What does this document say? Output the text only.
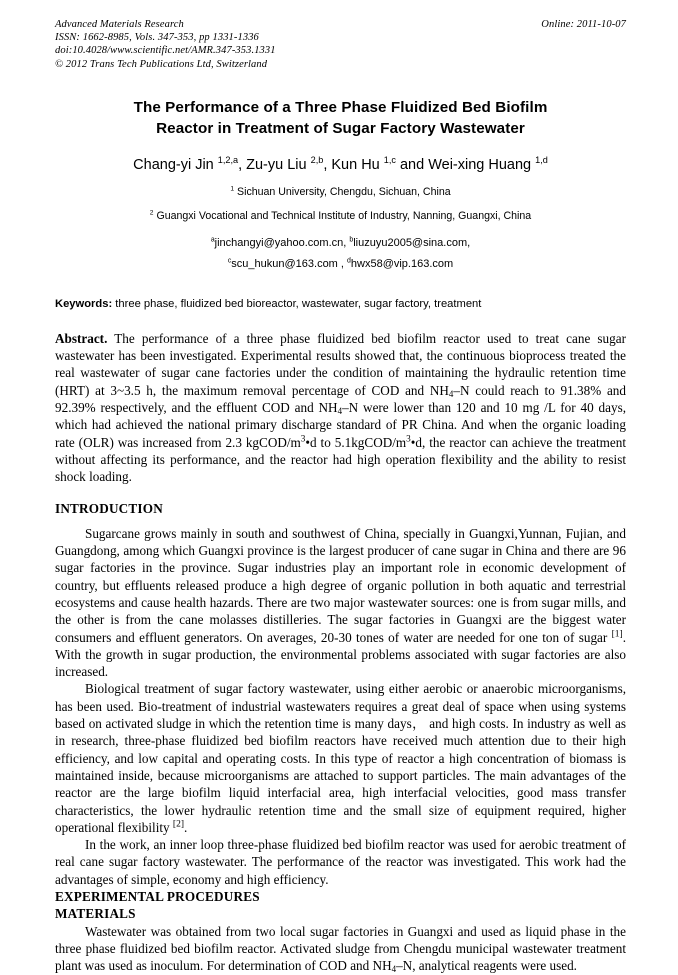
Advanced Materials Research
ISSN: 1662-8985, Vols. 347-353, pp 1331-1336
doi:10.4028/www.scientific.net/AMR.347-353.1331
© 2012 Trans Tech Publications Ltd, Switzerland
Online: 2011-10-07
The Performance of a Three Phase Fluidized Bed Biofilm Reactor in Treatment of Sugar Factory Wastewater
Chang-yi Jin $^{1,2,a}$, Zu-yu Liu $^{2,b}$, Kun Hu $^{1,c}$ and Wei-xing Huang $^{1,d}$
$^1$ Sichuan University, Chengdu, Sichuan, China
$^2$ Guangxi Vocational and Technical Institute of Industry, Nanning, Guangxi, China
$^a$jinchangyi@yahoo.com.cn, $^b$liuzuyu2005@sina.com,
$^c$scu_hukun@163.com , $^d$hwx58@vip.163.com
Keywords: three phase, fluidized bed bioreactor, wastewater, sugar factory, treatment
Abstract. The performance of a three phase fluidized bed biofilm reactor used to treat cane sugar wastewater has been investigated. Experimental results showed that, the continuous bioprocess treated the real wastewater of sugar cane factories under the condition of maintaining the hydraulic retention time (HRT) at 3~3.5 h, the maximum removal percentage of COD and $NH_4-N$ could reach to 91.38% and 92.39% respectively, and the effluent COD and $NH_4-N$ were lower than 120 and 10 mg /L for 40 days, which had achieved the national primary discharge standard of PR China. And when the organic loading rate (OLR) was increased from 2.3 kgCOD/$m^3•d$ to $5.1kgCOD/m^3•d$, the reactor can achieve the treatment without affecting its performance, and the reactor had high operation flexibility and the ability to resist shock loading.
INTRODUCTION

Sugarcane grows mainly in south and southwest of China, specially in Guangxi,Yunnan, Fujian, and Guangdong, among which Guangxi province is the largest producer of cane sugar in China and there are 96 sugar factories in the province. Sugar industries play an important role in economic development of country, but effluents released produce a high degree of organic pollution in both aquatic and terrestrial ecosystems and cause health hazards. There are two major wastewater sources: one is from sugar mills, and the other is from the cane molasses distilleries. The sugar factories in Guangxi are the biggest water consumers and effluent generators. On averages, 20-30 tones of water are needed for one ton of sugar [1]. With the growth in sugar production, the environmental problems associated with sugar factories are also increased.

Biological treatment of sugar factory wastewater, using either aerobic or anaerobic microorganisms, has been used. Bio-treatment of industrial wastewaters requires a great deal of space when using systems based on activated sludge in which the retention time is many days， and high costs. In industry as well as in research, three-phase fluidized bed biofilm reactors have received much attention due to their high efficiency, and low capital and operating costs. In this type of reactor a high concentration of biomass is maintained inside, because microorganisms are attached to support particles. The main advantages of the reactor are the large biofilm liquid interfacial area, high interfacial velocities, good mass transfer characteristics, the lower hydraulic retention time and the small size of equipment required, higher operational flexibility [2].

In the work, an inner loop three-phase fluidized bed biofilm reactor was used for aerobic treatment of real cane sugar factory wastewater. The performance of the reactor was investigated. This work had the advantages of simple, economy and high efficiency.

EXPERIMENTAL PROCEDURES
MATERIALS

Wastewater was obtained from two local sugar factories in Guangxi and used as liquid phase in the three phase fluidized bed biofilm reactor. Activated sludge from Chengdu municipal wastewater treatment plant was used as inoculum. For determination of COD and $NH_4-N$, analytical reagents were used.
